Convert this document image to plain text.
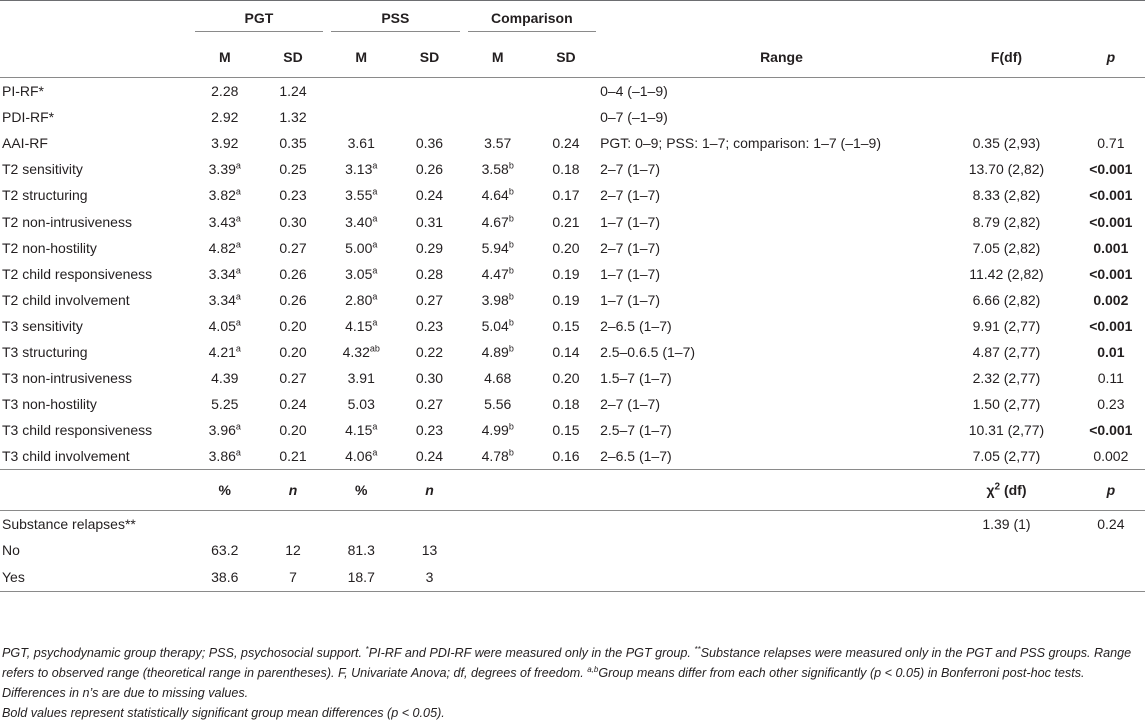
	PGT		PSS		Comparison				

	M	SD	M	SD	M	SD	Range	F(df)	p
PI-RF*	2.28	1.24					0–4 (–1–9)		
PDI-RF*	2.92	1.32					0–7 (–1–9)		
AAI-RF	3.92	0.35	3.61	0.36	3.57	0.24	PGT: 0–9; PSS: 1–7; comparison: 1–7 (–1–9)	0.35 (2,93)	0.71
T2 sensitivity	3.39$^a$	0.25	3.13$^a$	0.26	3.58$^b$	0.18	2–7 (1–7)	13.70 (2,82)	<0.001
T2 structuring	3.82$^a$	0.23	3.55$^a$	0.24	4.64$^b$	0.17	2–7 (1–7)	8.33 (2,82)	<0.001
T2 non-intrusiveness	3.43$^a$	0.30	3.40$^a$	0.31	4.67$^b$	0.21	1–7 (1–7)	8.79 (2,82)	<0.001
T2 non-hostility	4.82$^a$	0.27	5.00$^a$	0.29	5.94$^b$	0.20	2–7 (1–7)	7.05 (2,82)	0.001
T2 child responsiveness	3.34$^a$	0.26	3.05$^a$	0.28	4.47$^b$	0.19	1–7 (1–7)	11.42 (2,82)	<0.001
T2 child involvement	3.34$^a$	0.26	2.80$^a$	0.27	3.98$^b$	0.19	1–7 (1–7)	6.66 (2,82)	0.002
T3 sensitivity	4.05$^a$	0.20	4.15$^a$	0.23	5.04$^b$	0.15	2–6.5 (1–7)	9.91 (2,77)	<0.001
T3 structuring	4.21$^a$	0.20	4.32$^{ab}$	0.22	4.89$^b$	0.14	2.5–0.6.5 (1–7)	4.87 (2,77)	0.01
T3 non-intrusiveness	4.39	0.27	3.91	0.30	4.68	0.20	1.5–7 (1–7)	2.32 (2,77)	0.11
T3 non-hostility	5.25	0.24	5.03	0.27	5.56	0.18	2–7 (1–7)	1.50 (2,77)	0.23
T3 child responsiveness	3.96$^a$	0.20	4.15$^a$	0.23	4.99$^b$	0.15	2.5–7 (1–7)	10.31 (2,77)	<0.001
T3 child involvement	3.86$^a$	0.21	4.06$^a$	0.24	4.78$^b$	0.16	2–6.5 (1–7)	7.05 (2,77)	0.002
	%	n	%	n				$\chi^2$ (df)	p
Substance relapses**								1.39 (1)	0.24
No	63.2	12	81.3	13					
Yes	38.6	7	18.7	3					

PGT, psychodynamic group therapy; PSS, psychosocial support. *PI-RF and PDI-RF were measured only in the PGT group. **Substance relapses were measured only in the PGT and PSS groups. Range refers to observed range (theoretical range in parentheses). F, Univariate Anova; df, degrees of freedom. $^{a,b}$Group means differ from each other significantly (p < 0.05) in Bonferroni post-hoc tests. Differences in n’s are due to missing values.

Bold values represent statistically significant group mean differences (p < 0.05).
